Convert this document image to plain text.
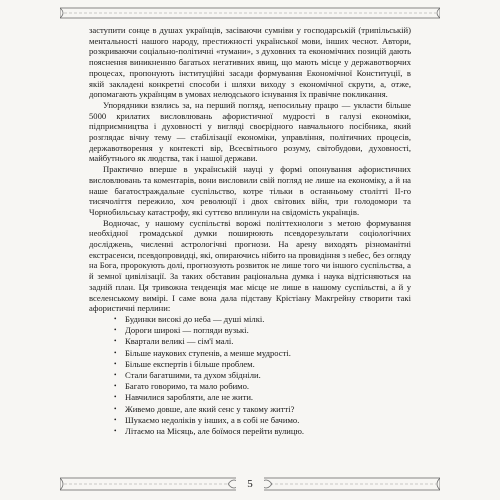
заступити сонце в душах українців, засіваючи сумніви у господарській (трипільській) ментальності нашого народу, престижності української мови, інших чеснот. Автори, розкриваючи соціально-політичні «тумани», з духовних та економічних позицій дають пояснення виникненню багатьох негативних явищ, що мають місце у державотворчих процесах, пропонують інституційні засади формування Економічної Конституції, в якій закладені конкретні способи і шляхи виходу з економічної скрути, а, отже, допомагають українцям в умовах нелюдського існування їх правічне покликання.

Упорядники взялись за, на перший погляд, непосильну працю — укласти більше 5000 крилатих висловлювань афористичної мудрості в галузі економіки, підприємництва і духовності у вигляді своєрідного навчального посібника, який розглядає вічну тему — стабілізації економіки, управління, політичних процесів, державотворення у контексті вір, Всесвітнього розуму, світобудови, духовності, майбутнього як людства, так і нашої держави.

Практично вперше в українській науці у формі опонування афористичних висловлювань та коментарів, вони висловили свій погляд не лише на економіку, а й на наше багатостраждальне суспільство, котре тільки в останньому столітті ІІ-го тисячоліття пережило, хоч революції і двох світових війн, три голодомори та Чорнобильську катастрофу, які суттєво вплинули на свідомість українців.

Водночас, у нашому суспільстві ворожі політтехнологи з метою формування необхідної громадської думки поширюють псевдорезультати соціологічних досліджень, численні астрологічні прогнози. На арену виходять різноманітні екстрасенси, псевдопровидці, які, опираючись нібито на провидіння з небес, без огляду на Бога, пророкують долі, прогнозують розвиток не лише того чи іншого суспільства, а й земної цивілізації. За таких обставин раціональна думка і наука відтісняються на задній план. Ця тривожна тенденція має місце не лише в нашому суспільстві, а й у вселенському вимірі. І саме вона дала підставу Крістіану Макгрейну створити такі афористичні перлини:

• Будинки високі до неба — душі мілкі.
• Дороги широкі — погляди вузькі.
• Квартали великі — сім'ї малі.
• Більше наукових ступенів, а менше мудрості.
• Більше експертів і більше проблем.
• Стали багатшими, та духом збідніли.
• Багато говоримо, та мало робимо.
• Навчилися заробляти, але не жити.
• Живемо довше, але який сенс у такому житті?
• Шукаємо недоліків у інших, а в собі не бачимо.
• Літаємо на Місяць, але боїмося перейти вулицю.
5
